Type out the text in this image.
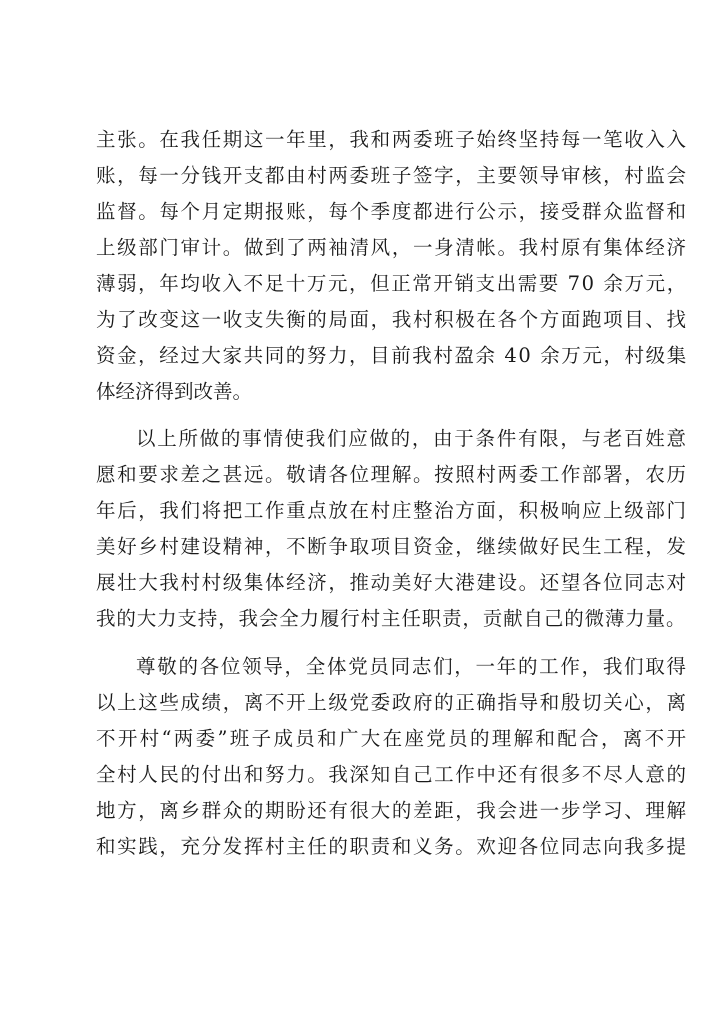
主张。在我任期这一年里，我和两委班子始终坚持每一笔收入入
账，每一分钱开支都由村两委班子签字，主要领导审核，村监会
监督。每个月定期报账，每个季度都进行公示，接受群众监督和
上级部门审计。做到了两袖清风，一身清帐。我村原有集体经济
薄弱，年均收入不足十万元，但正常开销支出需要 70 余万元，
为了改变这一收支失衡的局面，我村积极在各个方面跑项目、找
资金，经过大家共同的努力，目前我村盈余 40 余万元，村级集
体经济得到改善。
以上所做的事情使我们应做的，由于条件有限，与老百姓意
愿和要求差之甚远。敬请各位理解。按照村两委工作部署，农历
年后，我们将把工作重点放在村庄整治方面，积极响应上级部门
美好乡村建设精神，不断争取项目资金，继续做好民生工程，发
展壮大我村村级集体经济，推动美好大港建设。还望各位同志对
我的大力支持，我会全力履行村主任职责，贡献自己的微薄力量。
尊敬的各位领导，全体党员同志们，一年的工作，我们取得
以上这些成绩，离不开上级党委政府的正确指导和殷切关心，离
不开村“两委”班子成员和广大在座党员的理解和配合，离不开
全村人民的付出和努力。我深知自己工作中还有很多不尽人意的
地方，离乡群众的期盼还有很大的差距，我会进一步学习、理解
和实践，充分发挥村主任的职责和义务。欢迎各位同志向我多提
